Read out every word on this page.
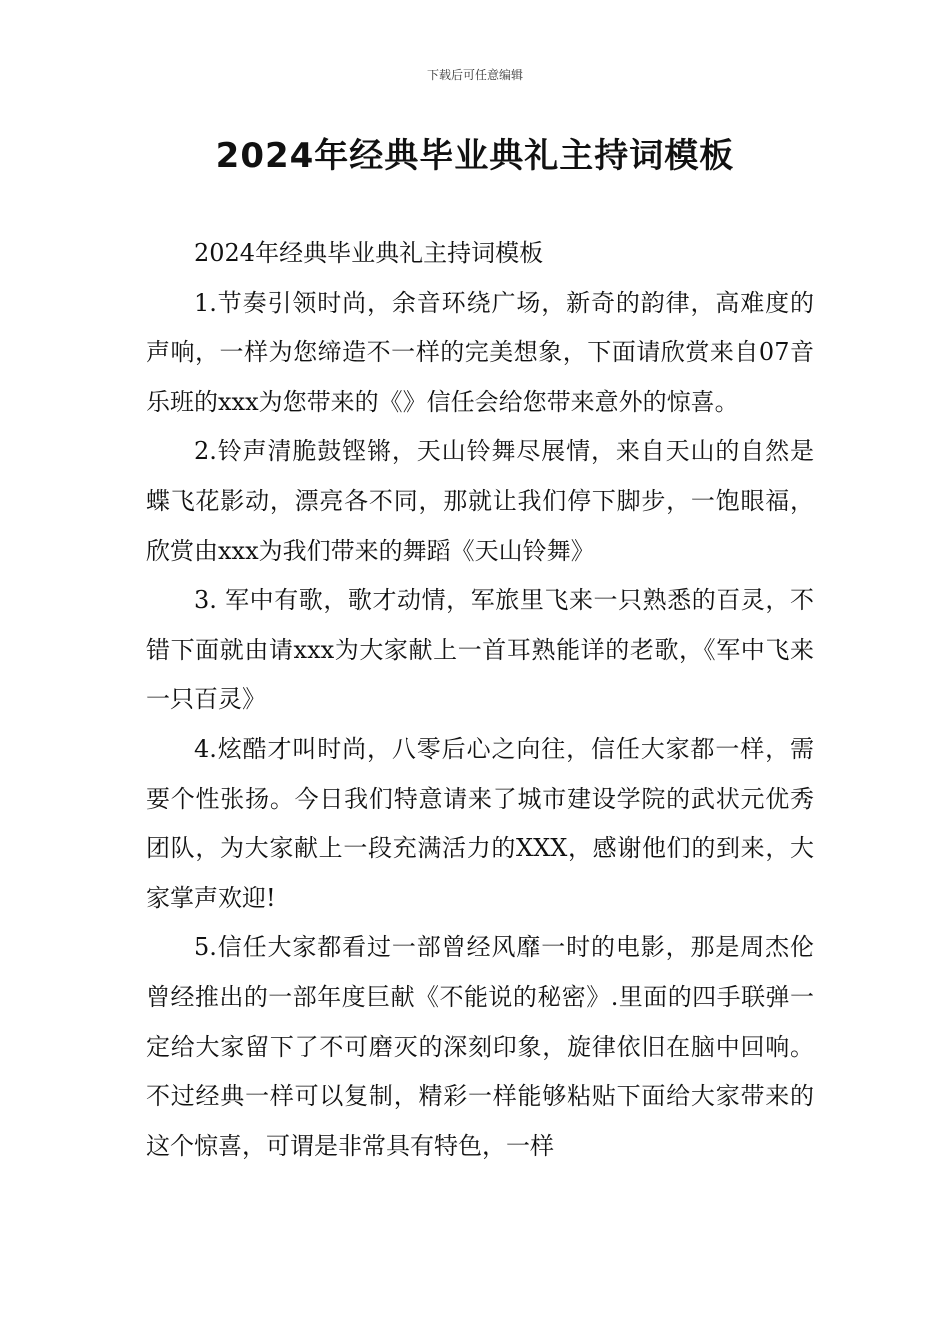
下载后可任意编辑
2024年经典毕业典礼主持词模板

2024年经典毕业典礼主持词模板

1.节奏引领时尚，余音环绕广场，新奇的韵律，高难度的声响，一样为您缔造不一样的完美想象，下面请欣赏来自07音乐班的xxx为您带来的《》信任会给您带来意外的惊喜。

2.铃声清脆鼓铿锵，天山铃舞尽展情，来自天山的自然是蝶飞花影动，漂亮各不同，那就让我们停下脚步，一饱眼福，欣赏由xxx为我们带来的舞蹈《天山铃舞》

3. 军中有歌，歌才动情，军旅里飞来一只熟悉的百灵，不错下面就由请xxx为大家献上一首耳熟能详的老歌，《军中飞来一只百灵》

4.炫酷才叫时尚，八零后心之向往，信任大家都一样，需要个性张扬。今日我们特意请来了城市建设学院的武状元优秀团队，为大家献上一段充满活力的XXX，感谢他们的到来，大家掌声欢迎!

5.信任大家都看过一部曾经风靡一时的电影，那是周杰伦曾经推出的一部年度巨献《不能说的秘密》.里面的四手联弹一定给大家留下了不可磨灭的深刻印象，旋律依旧在脑中回响。不过经典一样可以复制，精彩一样能够粘贴下面给大家带来的这个惊喜，可谓是非常具有特色，一样
